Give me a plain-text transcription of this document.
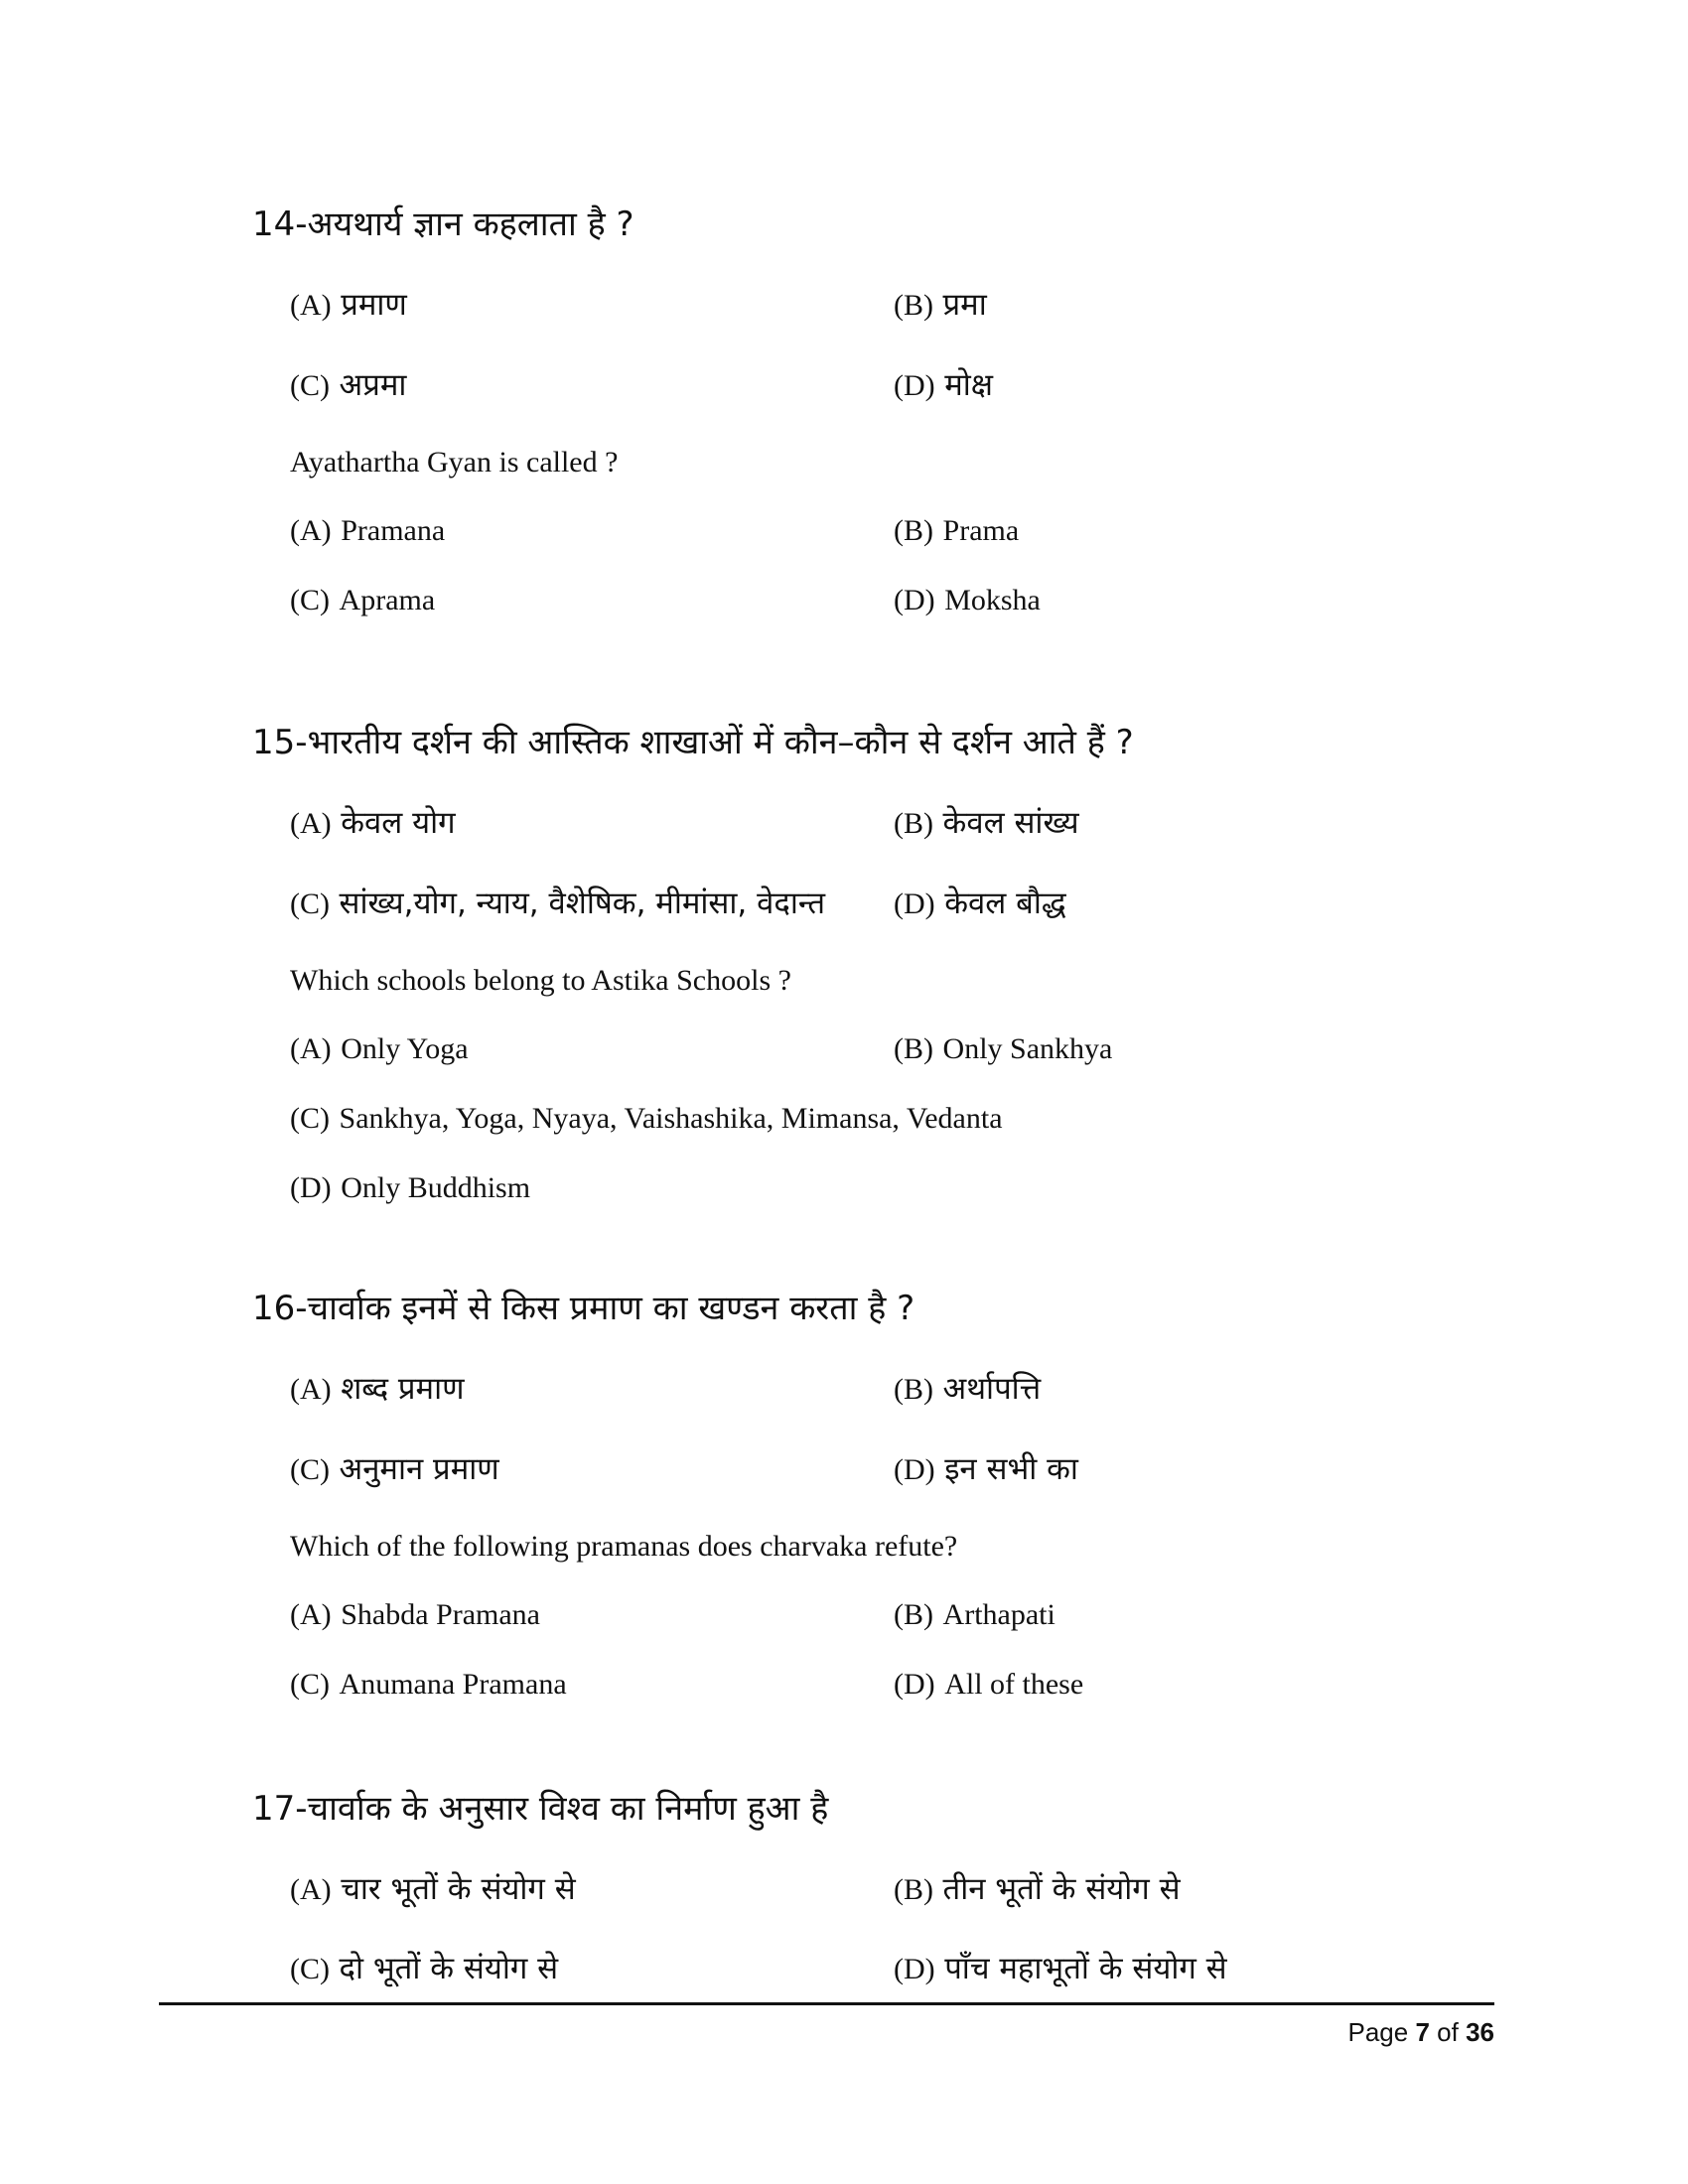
14-अयथार्य ज्ञान कहलाता है ?
(A) प्रमाण	(B) प्रमा
(C) अप्रमा	(D) मोक्ष
Ayathartha Gyan is called ?
(A) Pramana	(B) Prama
(C) Aprama	(D) Moksha
15-भारतीय दर्शन की आस्तिक शाखाओं में कौन–कौन से दर्शन आते हैं ?
(A) केवल योग	(B) केवल सांख्य
(C) सांख्य,योग, न्याय, वैशेषिक, मीमांसा, वेदान्त (D) केवल बौद्ध
Which schools belong to Astika Schools ?
(A) Only Yoga	(B) Only Sankhya
(C) Sankhya, Yoga, Nyaya, Vaishashika, Mimansa, Vedanta
(D) Only Buddhism
16-चार्वाक इनमें से किस प्रमाण का खण्डन करता है ?
(A) शब्द प्रमाण	(B) अर्थापत्ति
(C) अनुमान प्रमाण	(D) इन सभी का
Which of the following pramanas does charvaka refute?
(A) Shabda Pramana	(B) Arthapati
(C) Anumana Pramana	(D) All of these
17-चार्वाक के अनुसार विश्व का निर्माण हुआ है
(A) चार भूतों के संयोग से	(B) तीन भूतों के संयोग से
(C) दो भूतों के संयोग से	(D) पाँच महाभूतों के संयोग से
Page 7 of 36
